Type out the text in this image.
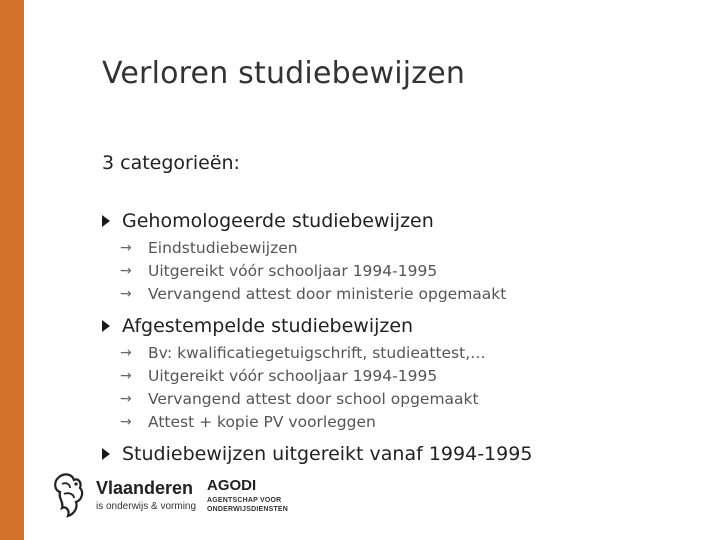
Verloren studiebewijzen
3 categorieën:
Gehomologeerde studiebewijzen
→	Eindstudiebewijzen
→	Uitgereikt vóór schooljaar 1994-1995
→	Vervangend attest door ministerie opgemaakt
Afgestempelde studiebewijzen
→	Bv: kwalificatiegetuigschrift, studieattest,…
→	Uitgereikt vóór schooljaar 1994-1995
→	Vervangend attest door school opgemaakt
→	Attest + kopie PV voorleggen
Studiebewijzen uitgereikt vanaf 1994-1995
Vlaanderen
is onderwijs & vorming
AGODI
AGENTSCHAP VOOR
ONDERWIJSDIENSTEN
